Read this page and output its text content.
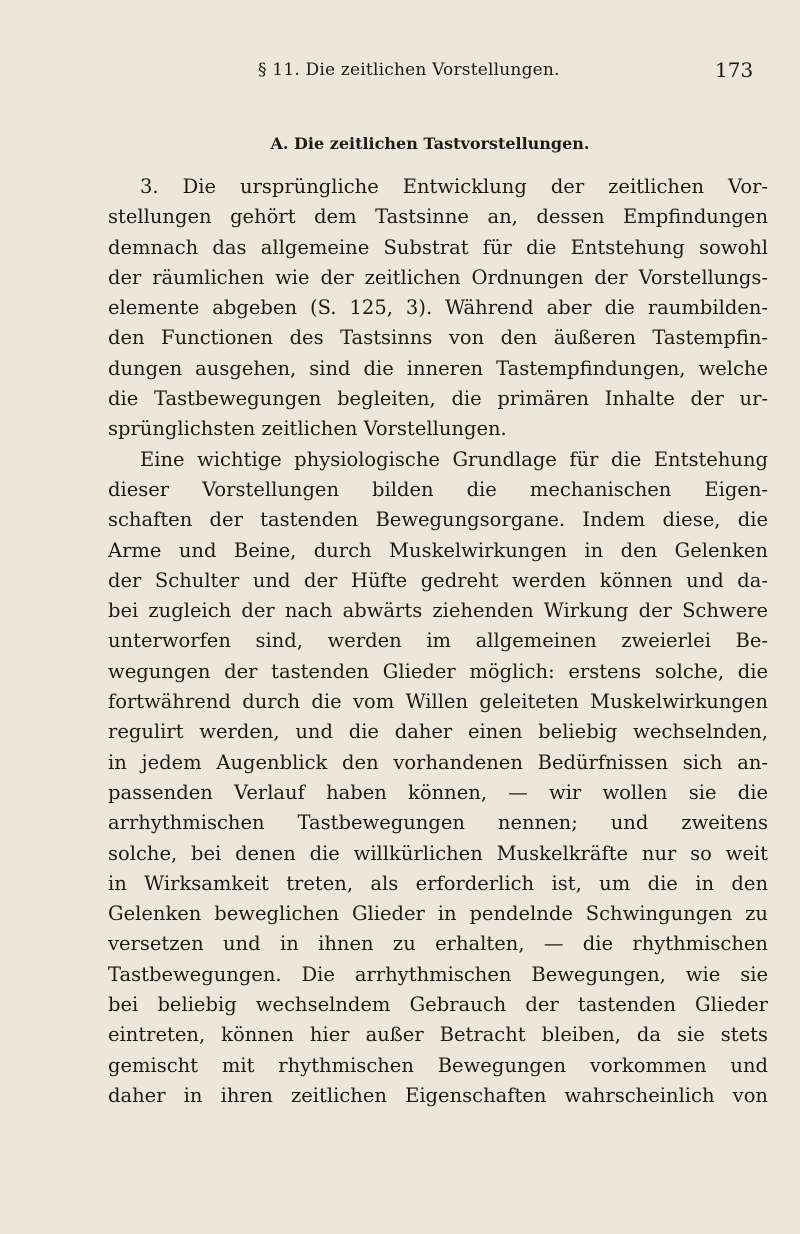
§ 11. Die zeitlichen Vorstellungen.	173
A. Die zeitlichen Tastvorstellungen.
3. Die ursprüngliche Entwicklung der zeitlichen Vor-
stellungen gehört dem Tastsinne an, dessen Empfindungen
demnach das allgemeine Substrat für die Entstehung sowohl
der räumlichen wie der zeitlichen Ordnungen der Vorstellungs-
elemente abgeben (S. 125, 3). Während aber die raumbilden-
den Functionen des Tastsinns von den äußeren Tastempfin-
dungen ausgehen, sind die inneren Tastempfindungen, welche
die Tastbewegungen begleiten, die primären Inhalte der ur-
sprünglichsten zeitlichen Vorstellungen.
Eine wichtige physiologische Grundlage für die Entstehung
dieser Vorstellungen bilden die mechanischen Eigen-
schaften der tastenden Bewegungsorgane. Indem diese, die
Arme und Beine, durch Muskelwirkungen in den Gelenken
der Schulter und der Hüfte gedreht werden können und da-
bei zugleich der nach abwärts ziehenden Wirkung der Schwere
unterworfen sind, werden im allgemeinen zweierlei Be-
wegungen der tastenden Glieder möglich: erstens solche, die
fortwährend durch die vom Willen geleiteten Muskelwirkungen
regulirt werden, und die daher einen beliebig wechselnden,
in jedem Augenblick den vorhandenen Bedürfnissen sich an-
passenden Verlauf haben können, — wir wollen sie die
arrhythmischen Tastbewegungen nennen; und zweitens
solche, bei denen die willkürlichen Muskelkräfte nur so weit
in Wirksamkeit treten, als erforderlich ist, um die in den
Gelenken beweglichen Glieder in pendelnde Schwingungen zu
versetzen und in ihnen zu erhalten, — die rhythmischen
Tastbewegungen. Die arrhythmischen Bewegungen, wie sie
bei beliebig wechselndem Gebrauch der tastenden Glieder
eintreten, können hier außer Betracht bleiben, da sie stets
gemischt mit rhythmischen Bewegungen vorkommen und
daher in ihren zeitlichen Eigenschaften wahrscheinlich von
